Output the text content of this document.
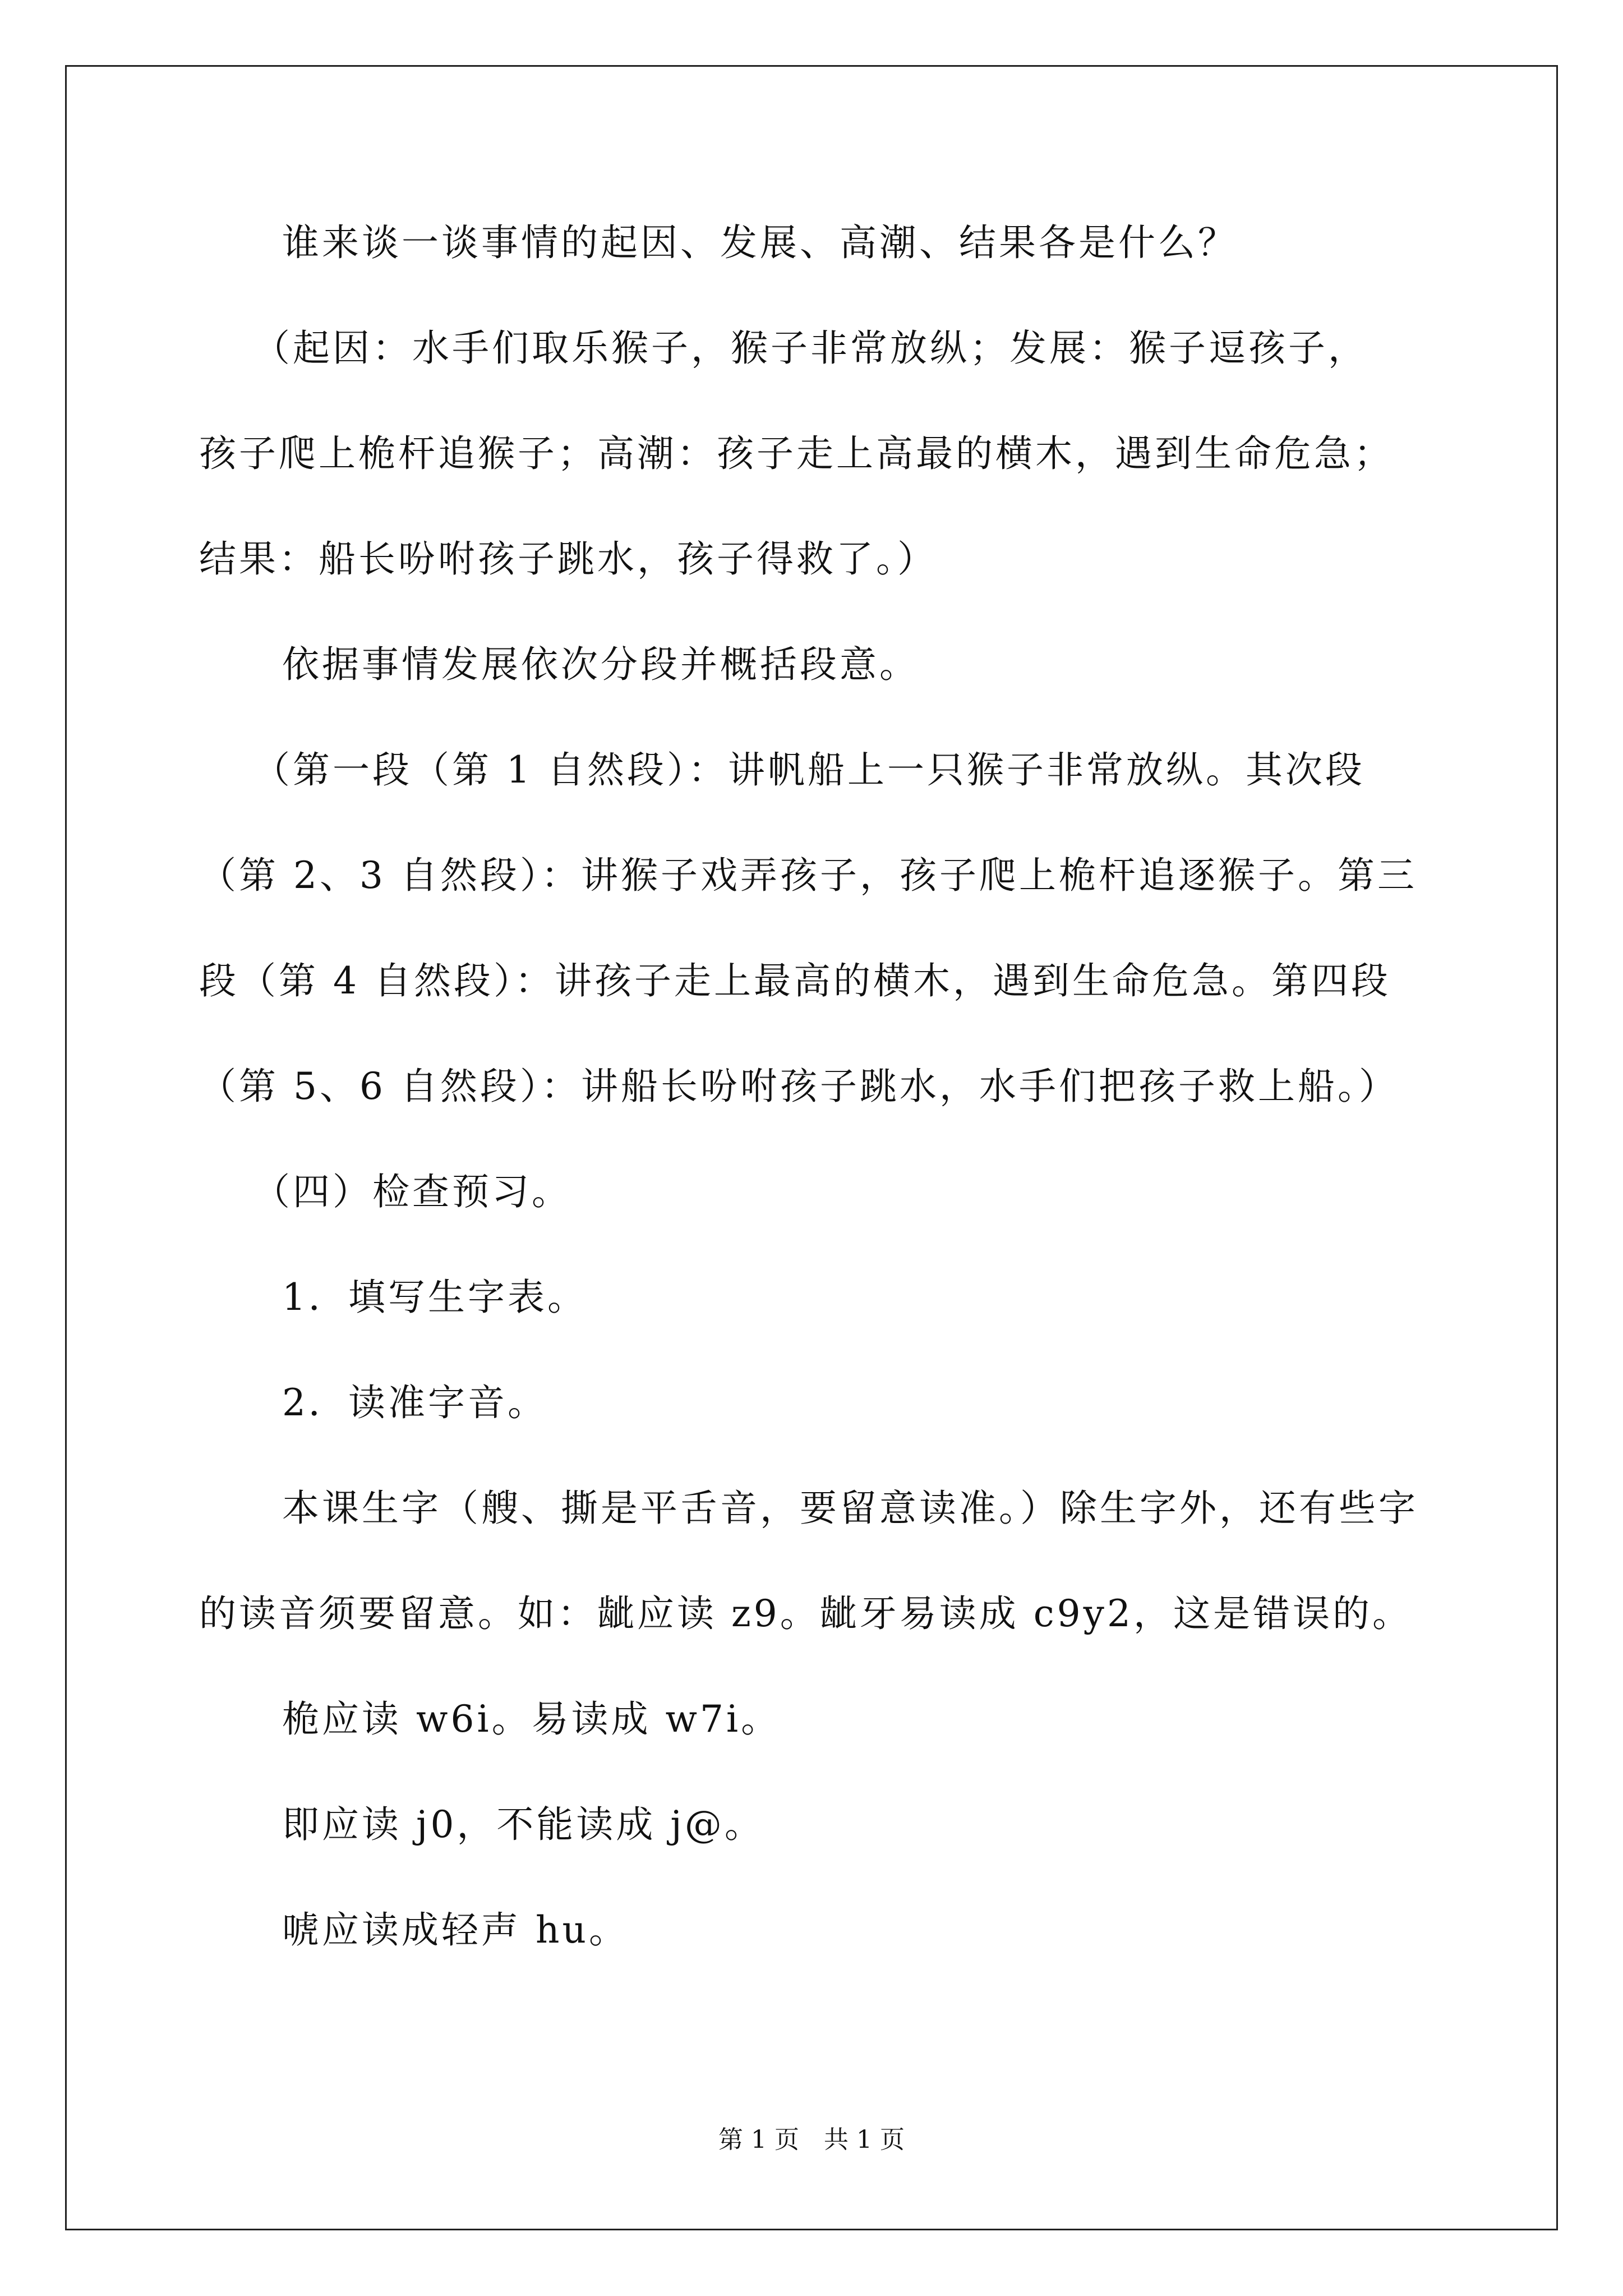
谁来谈一谈事情的起因、发展、高潮、结果各是什么？
（起因：水手们取乐猴子，猴子非常放纵；发展：猴子逗孩子，
孩子爬上桅杆追猴子；高潮：孩子走上高最的横木，遇到生命危急；
结果：船长吩咐孩子跳水，孩子得救了。）
依据事情发展依次分段并概括段意。
（第一段（第 1 自然段）：讲帆船上一只猴子非常放纵。其次段
（第 2、3 自然段）：讲猴子戏弄孩子，孩子爬上桅杆追逐猴子。第三
段（第 4 自然段）：讲孩子走上最高的横木，遇到生命危急。第四段
（第 5、6 自然段）：讲船长吩咐孩子跳水，水手们把孩子救上船。）
（四）检查预习。
1．填写生字表。
2．读准字音。
本课生字（艘、撕是平舌音，要留意读准。）除生字外，还有些字
的读音须要留意。如：龇应读 z9。龇牙易读成 c9y2，这是错误的。
桅应读 w6i。易读成 w7i。
即应读 j0，不能读成 j@。
唬应读成轻声 hu。
第 1 页　共 1 页
